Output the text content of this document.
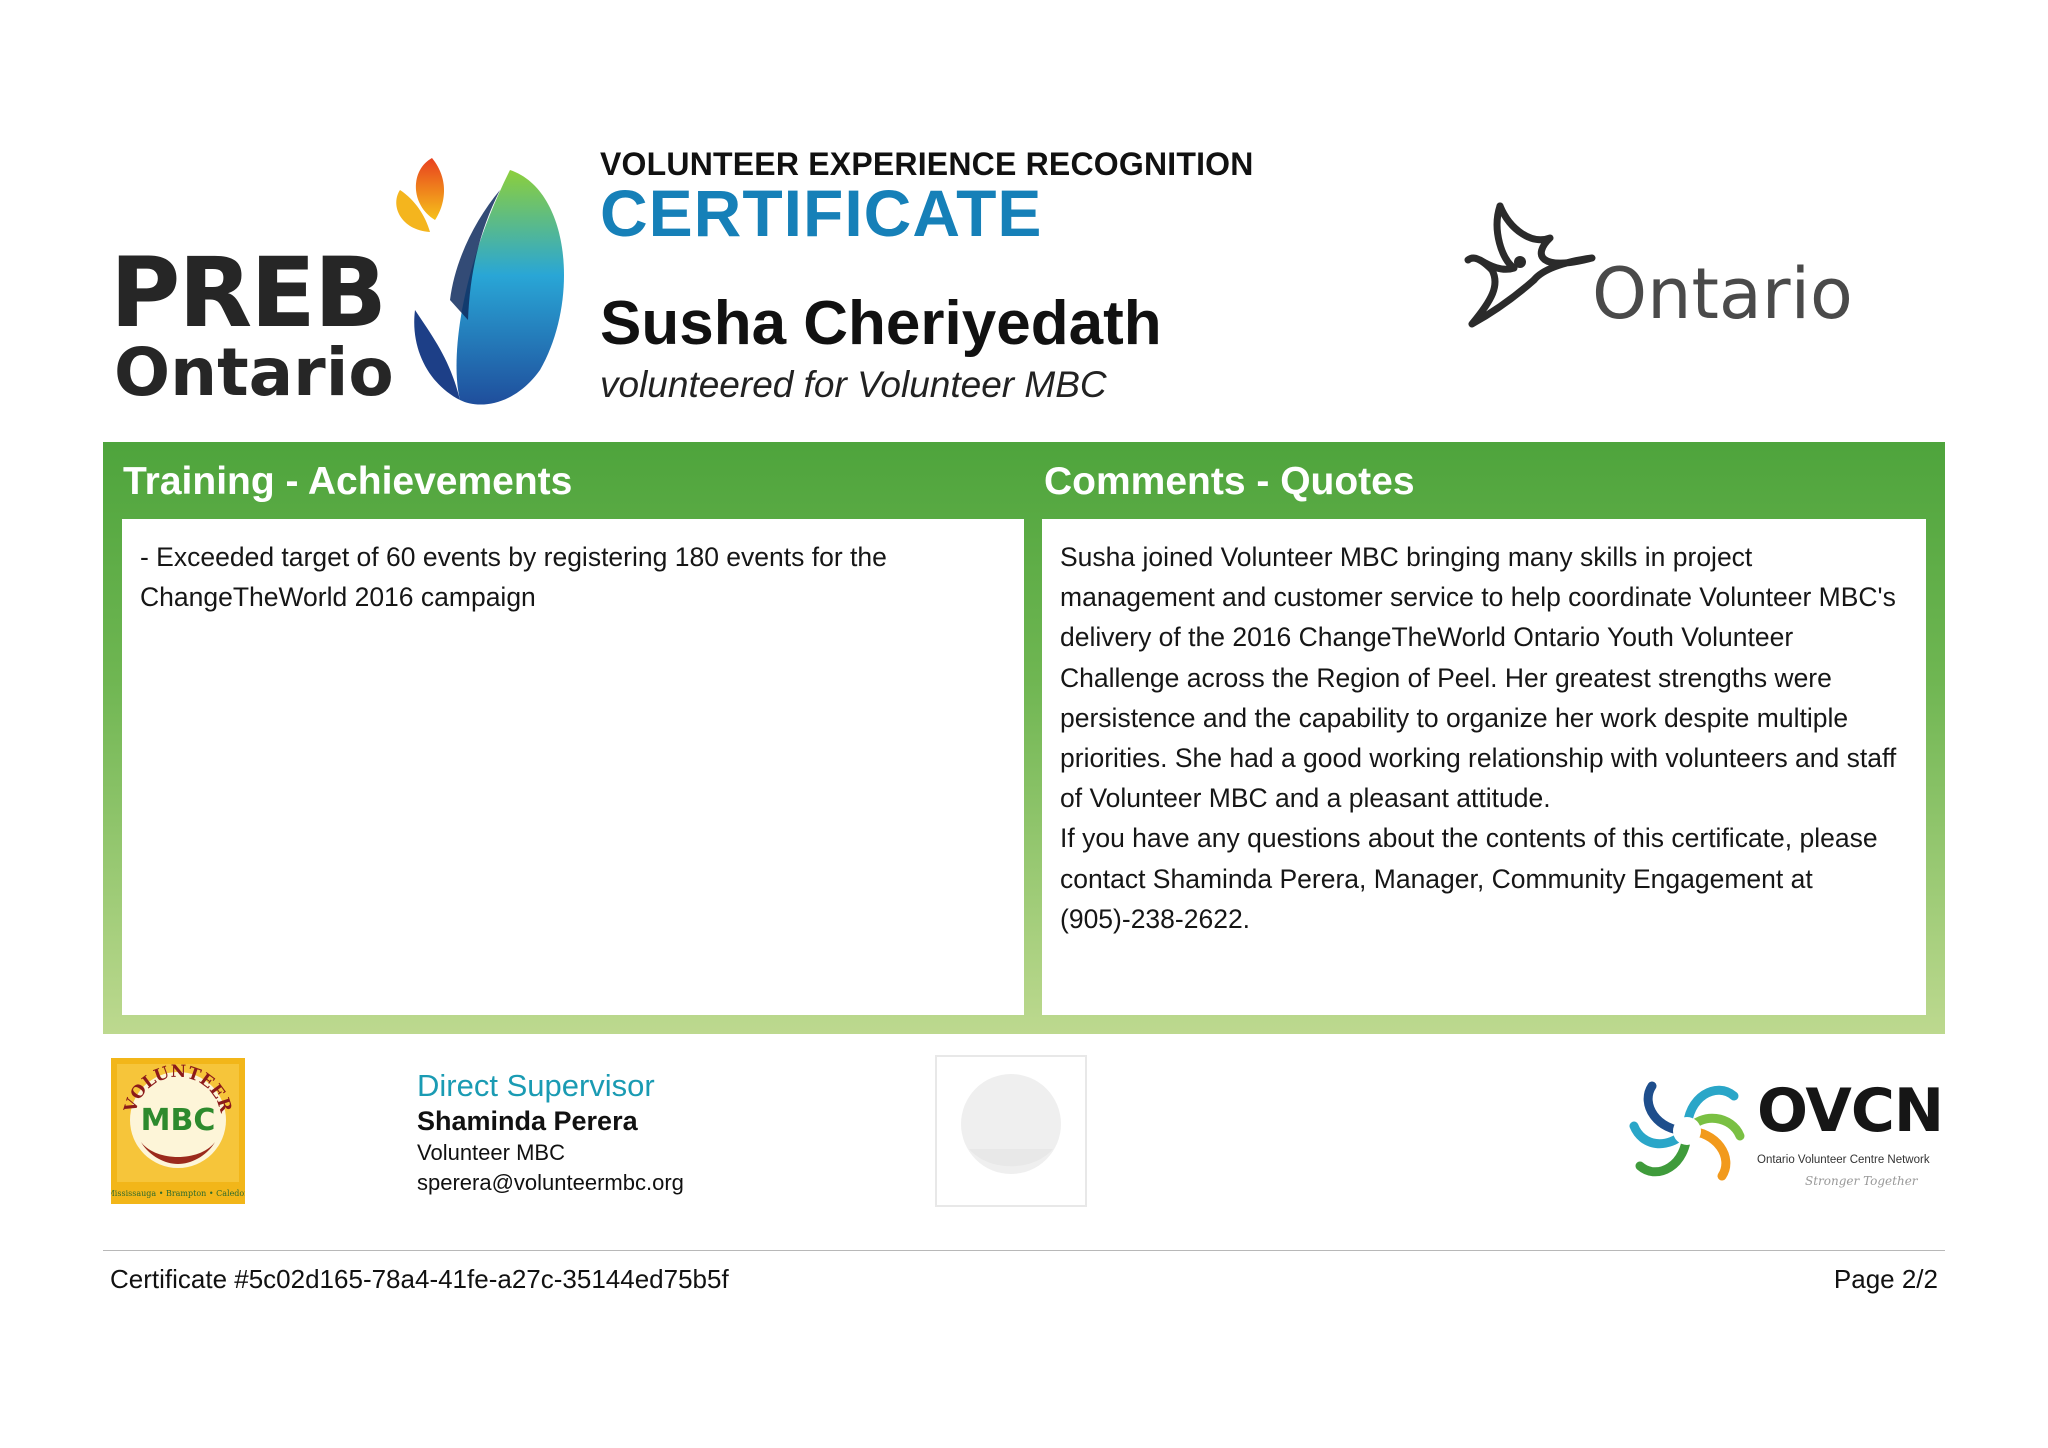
PREB
Ontario
VOLUNTEER EXPERIENCE RECOGNITION
CERTIFICATE
Susha Cheriyedath
volunteered for Volunteer MBC
Ontario
Training - Achievements	Comments - Quotes
- Exceeded target of 60 events by registering 180 events for the ChangeTheWorld 2016 campaign

Susha joined Volunteer MBC bringing many skills in project management and customer service to help coordinate Volunteer MBC's delivery of the 2016 ChangeTheWorld Ontario Youth Volunteer Challenge across the Region of Peel. Her greatest strengths were persistence and the capability to organize her work despite multiple priorities. She had a good working relationship with volunteers and staff of Volunteer MBC and a pleasant attitude.

If you have any questions about the contents of this certificate, please contact Shaminda Perera, Manager, Community Engagement at (905)-238-2622.

VOLUNTEER
MBC
Mississauga • Brampton • Caledon
Direct Supervisor
Shaminda Perera
Volunteer MBC
sperera@volunteermbc.org
OVCN
Ontario Volunteer Centre Network
Stronger Together
Certificate #5c02d165-78a4-41fe-a27c-35144ed75b5f	Page 2/2
